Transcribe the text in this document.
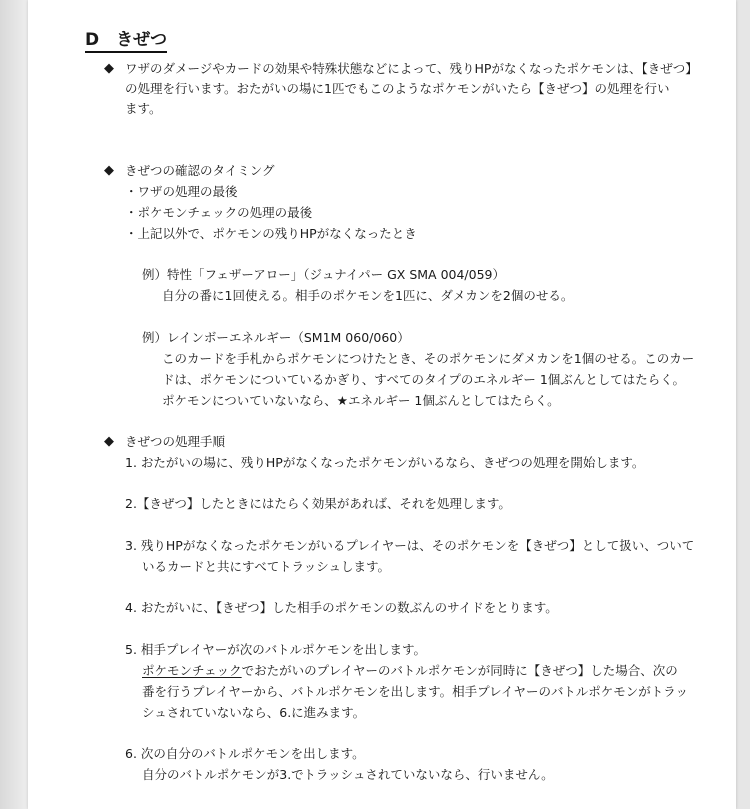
D　きぜつ
◆ ワザのダメージやカードの効果や特殊状態などによって、残りHPがなくなったポケモンは、【きぜつ】
の処理を行います。おたがいの場に1匹でもこのようなポケモンがいたら【きぜつ】の処理を行い
ます。
◆ きぜつの確認のタイミング
・ワザの処理の最後
・ポケモンチェックの処理の最後
・上記以外で、ポケモンの残りHPがなくなったとき
例）特性「フェザーアロー」（ジュナイパー GX SMA 004/059）
自分の番に1回使える。相手のポケモンを1匹に、ダメカンを2個のせる。
例）レインボーエネルギー（SM1M 060/060）
このカードを手札からポケモンにつけたとき、そのポケモンにダメカンを1個のせる。このカー
ドは、ポケモンについているかぎり、すべてのタイプのエネルギー 1個ぶんとしてはたらく。
ポケモンについていないなら、★エネルギー 1個ぶんとしてはたらく。
◆ きぜつの処理手順
1. おたがいの場に、残りHPがなくなったポケモンがいるなら、きぜつの処理を開始します。
2.【きぜつ】したときにはたらく効果があれば、それを処理します。
3. 残りHPがなくなったポケモンがいるプレイヤーは、そのポケモンを【きぜつ】として扱い、ついて
いるカードと共にすべてトラッシュします。
4. おたがいに、【きぜつ】した相手のポケモンの数ぶんのサイドをとります。
5. 相手プレイヤーが次のバトルポケモンを出します。
ポケモンチェックでおたがいのプレイヤーのバトルポケモンが同時に【きぜつ】した場合、次の
番を行うプレイヤーから、バトルポケモンを出します。相手プレイヤーのバトルポケモンがトラッ
シュされていないなら、6.に進みます。
6. 次の自分のバトルポケモンを出します。
自分のバトルポケモンが3.でトラッシュされていないなら、行いません。
